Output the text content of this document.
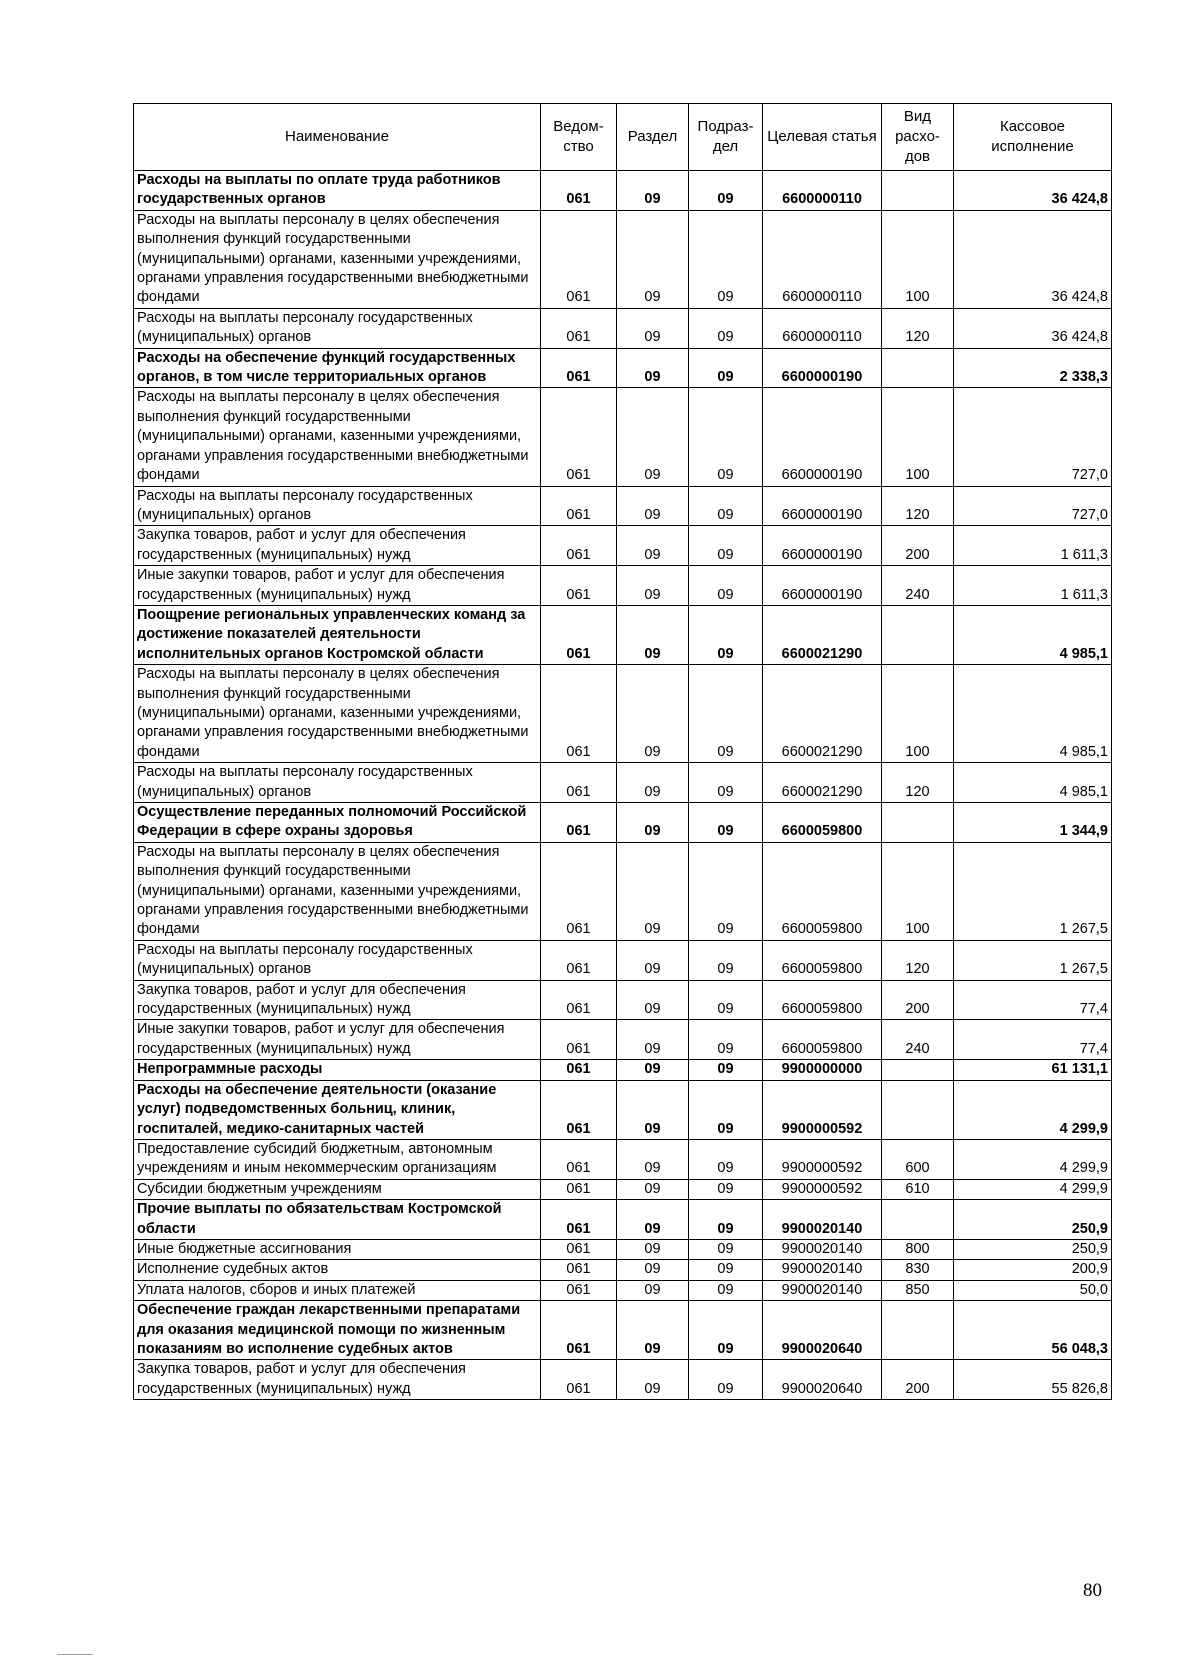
Наименование	Ведом-ство	Раздел	Подраз-дел	Целевая статья	Вид расхо-дов	Кассовое исполнение
Расходы на выплаты по оплате труда работников государственных органов	061	09	09	6600000110		36 424,8
Расходы на выплаты персоналу в целях обеспечения выполнения функций государственными (муниципальными) органами, казенными учреждениями, органами управления государственными внебюджетными фондами	061	09	09	6600000110	100	36 424,8
Расходы на выплаты персоналу государственных (муниципальных) органов	061	09	09	6600000110	120	36 424,8
Расходы на обеспечение функций государственных органов, в том числе территориальных органов	061	09	09	6600000190		2 338,3
Расходы на выплаты персоналу в целях обеспечения выполнения функций государственными (муниципальными) органами, казенными учреждениями, органами управления государственными внебюджетными фондами	061	09	09	6600000190	100	727,0
Расходы на выплаты персоналу государственных (муниципальных) органов	061	09	09	6600000190	120	727,0
Закупка товаров, работ и услуг для обеспечения государственных (муниципальных) нужд	061	09	09	6600000190	200	1 611,3
Иные закупки товаров, работ и услуг для обеспечения государственных (муниципальных) нужд	061	09	09	6600000190	240	1 611,3
Поощрение региональных управленческих команд за достижение показателей деятельности исполнительных органов Костромской области	061	09	09	6600021290		4 985,1
Расходы на выплаты персоналу в целях обеспечения выполнения функций государственными (муниципальными) органами, казенными учреждениями, органами управления государственными внебюджетными фондами	061	09	09	6600021290	100	4 985,1
Расходы на выплаты персоналу государственных (муниципальных) органов	061	09	09	6600021290	120	4 985,1
Осуществление переданных полномочий Российской Федерации в сфере охраны здоровья	061	09	09	6600059800		1 344,9
Расходы на выплаты персоналу в целях обеспечения выполнения функций государственными (муниципальными) органами, казенными учреждениями, органами управления государственными внебюджетными фондами	061	09	09	6600059800	100	1 267,5
Расходы на выплаты персоналу государственных (муниципальных) органов	061	09	09	6600059800	120	1 267,5
Закупка товаров, работ и услуг для обеспечения государственных (муниципальных) нужд	061	09	09	6600059800	200	77,4
Иные закупки товаров, работ и услуг для обеспечения государственных (муниципальных) нужд	061	09	09	6600059800	240	77,4
Непрограммные расходы	061	09	09	9900000000		61 131,1
Расходы на обеспечение деятельности (оказание услуг) подведомственных больниц, клиник, госпиталей, медико-санитарных частей	061	09	09	9900000592		4 299,9
Предоставление субсидий бюджетным, автономным учреждениям и иным некоммерческим организациям	061	09	09	9900000592	600	4 299,9
Субсидии бюджетным учреждениям	061	09	09	9900000592	610	4 299,9
Прочие выплаты по обязательствам Костромской области	061	09	09	9900020140		250,9
Иные бюджетные ассигнования	061	09	09	9900020140	800	250,9
Исполнение судебных актов	061	09	09	9900020140	830	200,9
Уплата налогов, сборов и иных платежей	061	09	09	9900020140	850	50,0
Обеспечение граждан лекарственными препаратами для оказания медицинской помощи по жизненным показаниям во исполнение судебных актов	061	09	09	9900020640		56 048,3
Закупка товаров, работ и услуг для обеспечения государственных (муниципальных) нужд	061	09	09	9900020640	200	55 826,8
80
